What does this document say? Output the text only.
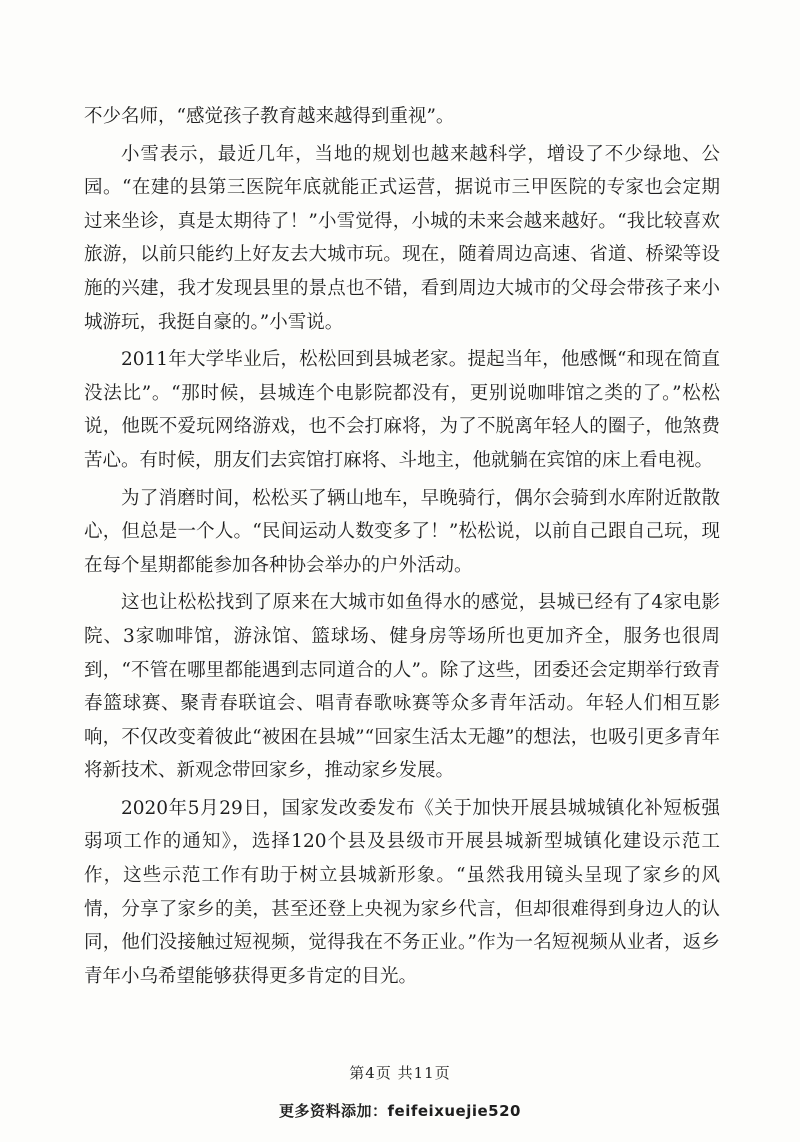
不少名师，“感觉孩子教育越来越得到重视”。

小雪表示，最近几年，当地的规划也越来越科学，增设了不少绿地、公园。“在建的县第三医院年底就能正式运营，据说市三甲医院的专家也会定期过来坐诊，真是太期待了！”小雪觉得，小城的未来会越来越好。“我比较喜欢旅游，以前只能约上好友去大城市玩。现在，随着周边高速、省道、桥梁等设施的兴建，我才发现县里的景点也不错，看到周边大城市的父母会带孩子来小城游玩，我挺自豪的。”小雪说。

2011年大学毕业后，松松回到县城老家。提起当年，他感慨“和现在简直没法比”。“那时候，县城连个电影院都没有，更别说咖啡馆之类的了。”松松说，他既不爱玩网络游戏，也不会打麻将，为了不脱离年轻人的圈子，他煞费苦心。有时候，朋友们去宾馆打麻将、斗地主，他就躺在宾馆的床上看电视。

为了消磨时间，松松买了辆山地车，早晚骑行，偶尔会骑到水库附近散散心，但总是一个人。“民间运动人数变多了！”松松说，以前自己跟自己玩，现在每个星期都能参加各种协会举办的户外活动。

这也让松松找到了原来在大城市如鱼得水的感觉，县城已经有了4家电影院、3家咖啡馆，游泳馆、篮球场、健身房等场所也更加齐全，服务也很周到，“不管在哪里都能遇到志同道合的人”。除了这些，团委还会定期举行致青春篮球赛、聚青春联谊会、唱青春歌咏赛等众多青年活动。年轻人们相互影响，不仅改变着彼此“被困在县城”“回家生活太无趣”的想法，也吸引更多青年将新技术、新观念带回家乡，推动家乡发展。

2020年5月29日，国家发改委发布《关于加快开展县城城镇化补短板强弱项工作的通知》，选择120个县及县级市开展县城新型城镇化建设示范工作，这些示范工作有助于树立县城新形象。“虽然我用镜头呈现了家乡的风情，分享了家乡的美，甚至还登上央视为家乡代言，但却很难得到身边人的认同，他们没接触过短视频，觉得我在不务正业。”作为一名短视频从业者，返乡青年小乌希望能够获得更多肯定的目光。

第4页 共11页
更多资料添加：feifeixuejie520
